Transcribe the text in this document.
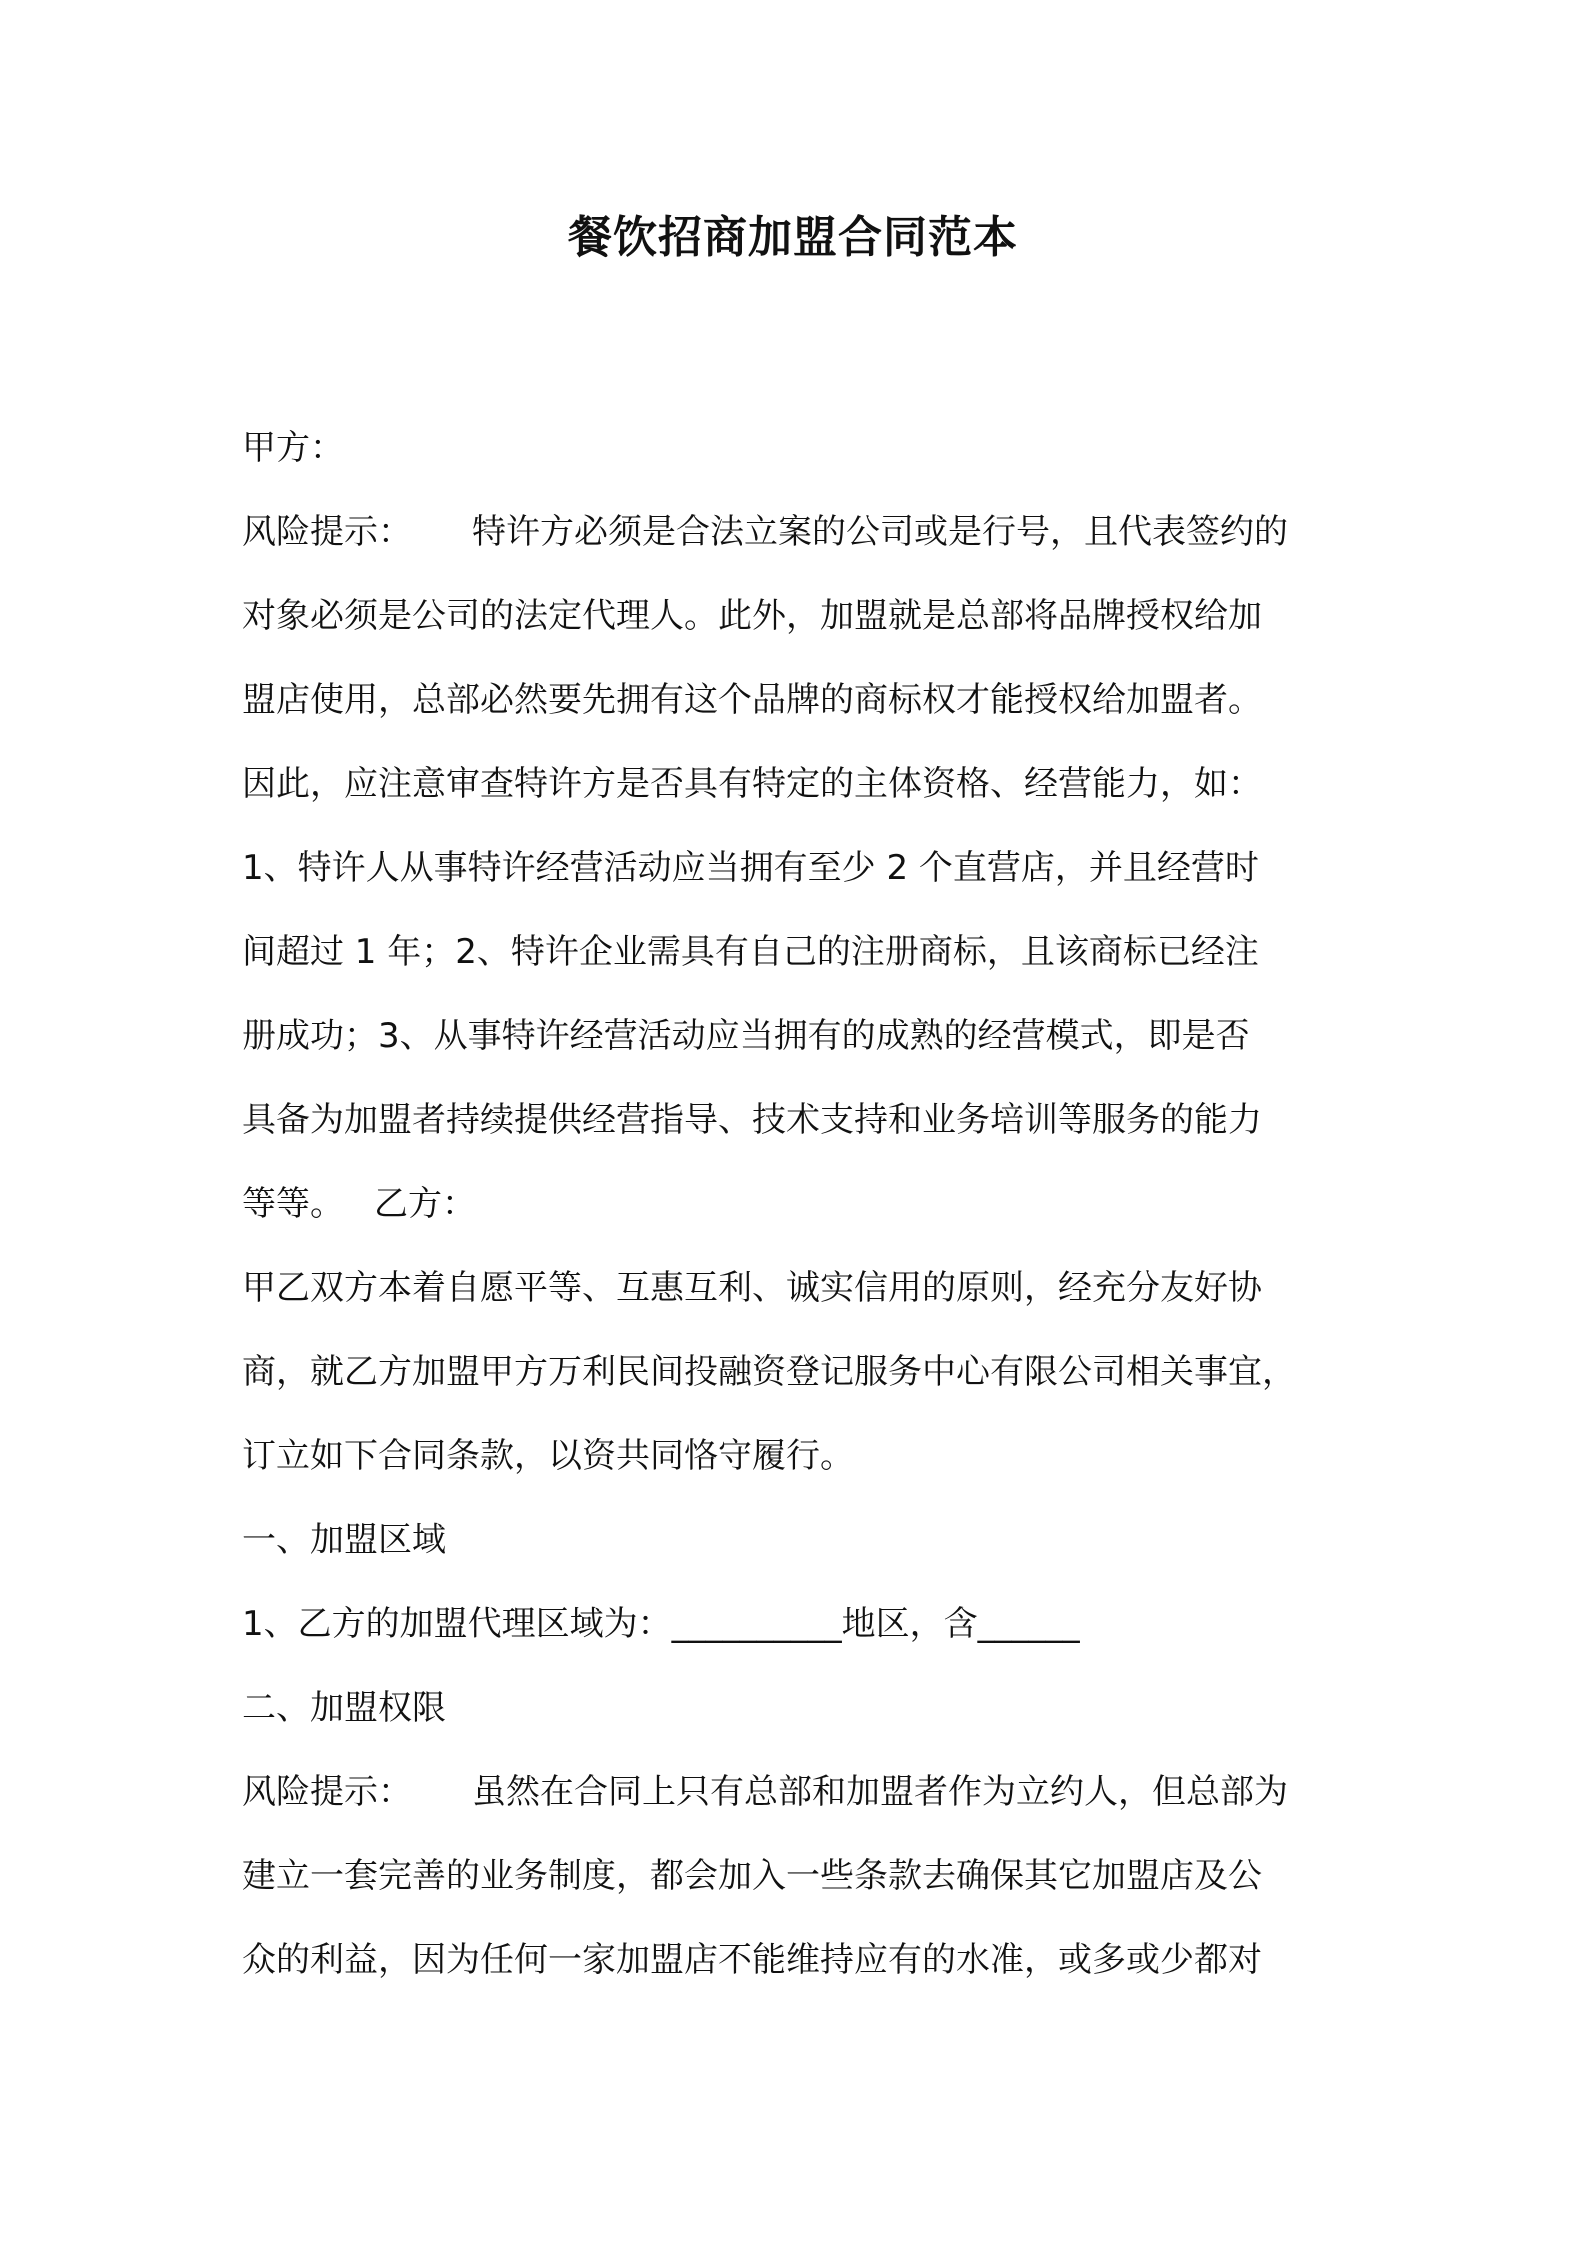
餐饮招商加盟合同范本
甲方：
风险提示： 特许方必须是合法立案的公司或是行号，且代表签约的
对象必须是公司的法定代理人。此外，加盟就是总部将品牌授权给加
盟店使用，总部必然要先拥有这个品牌的商标权才能授权给加盟者。
因此，应注意审查特许方是否具有特定的主体资格、经营能力，如：
1、特许人从事特许经营活动应当拥有至少 2 个直营店，并且经营时
间超过 1 年；2、特许企业需具有自己的注册商标，且该商标已经注
册成功；3、从事特许经营活动应当拥有的成熟的经营模式，即是否
具备为加盟者持续提供经营指导、技术支持和业务培训等服务的能力
等等。 乙方：
甲乙双方本着自愿平等、互惠互利、诚实信用的原则，经充分友好协
商，就乙方加盟甲方万利民间投融资登记服务中心有限公司相关事宜，
订立如下合同条款，以资共同恪守履行。
一、加盟区域
1、乙方的加盟代理区域为：__________地区，含______
二、加盟权限
风险提示： 虽然在合同上只有总部和加盟者作为立约人，但总部为
建立一套完善的业务制度，都会加入一些条款去确保其它加盟店及公
众的利益，因为任何一家加盟店不能维持应有的水准，或多或少都对
